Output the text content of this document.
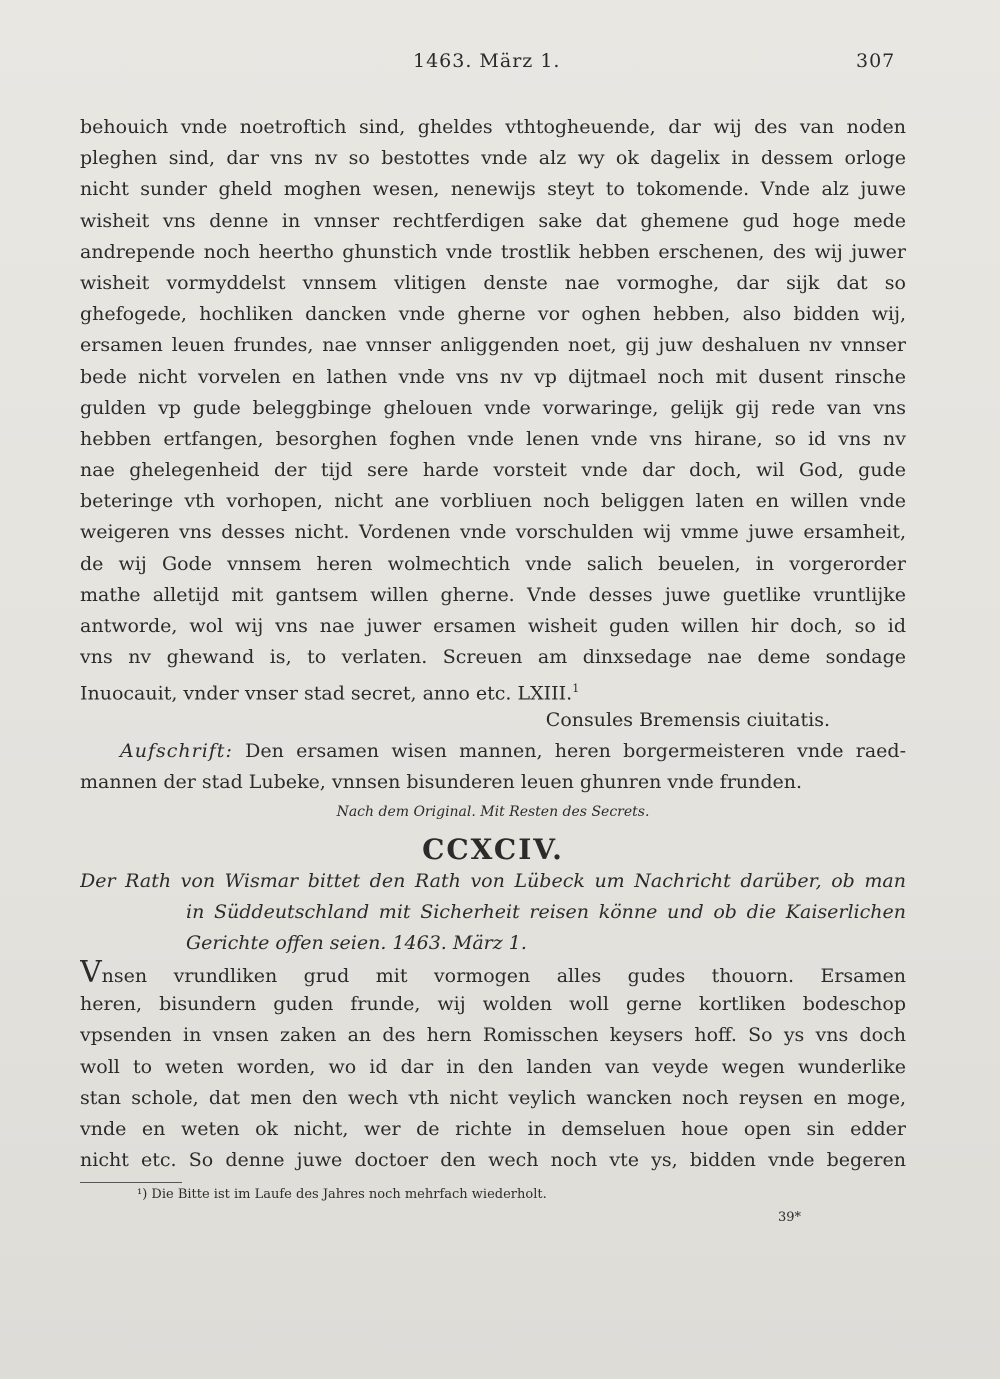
1463. März 1.	307
behouich vnde noetroftich sind, gheldes vthtogheuende, dar wij des van noden
pleghen sind, dar vns nv so bestottes vnde alz wy ok dagelix in dessem orloge
nicht sunder gheld moghen wesen, nenewijs steyt to tokomende. Vnde alz juwe
wisheit vns denne in vnnser rechtferdigen sake dat ghemene gud hoge mede
andrepende noch heertho ghunstich vnde trostlik hebben erschenen, des wij juwer
wisheit vormyddelst vnnsem vlitigen denste nae vormoghe, dar sijk dat so
ghefogede, hochliken dancken vnde gherne vor oghen hebben, also bidden wij,
ersamen leuen frundes, nae vnnser anliggenden noet, gij juw deshaluen nv vnnser
bede nicht vorvelen en lathen vnde vns nv vp dijtmael noch mit dusent rinsche
gulden vp gude beleggbinge ghelouen vnde vorwaringe, gelijk gij rede van vns
hebben ertfangen, besorghen foghen vnde lenen vnde vns hirane, so id vns nv
nae ghelegenheid der tijd sere harde vorsteit vnde dar doch, wil God, gude
beteringe vth vorhopen, nicht ane vorbliuen noch beliggen laten en willen vnde
weigeren vns desses nicht. Vordenen vnde vorschulden wij vmme juwe ersamheit,
de wij Gode vnnsem heren wolmechtich vnde salich beuelen, in vorgerorder
mathe alletijd mit gantsem willen gherne. Vnde desses juwe guetlike vruntlijke
antworde, wol wij vns nae juwer ersamen wisheit guden willen hir doch, so id
vns nv ghewand is, to verlaten. Screuen am dinxsedage nae deme sondage
Inuocauit, vnder vnser stad secret, anno etc. LXIII.$^1$
Consules Bremensis ciuitatis.
Aufschrift: Den ersamen wisen mannen, heren borgermeisteren vnde raed-
mannen der stad Lubeke, vnnsen bisunderen leuen ghunren vnde frunden.
Nach dem Original. Mit Resten des Secrets.
CCXCIV.
Der Rath von Wismar bittet den Rath von Lübeck um Nachricht darüber, ob man
in Süddeutschland mit Sicherheit reisen könne und ob die Kaiserlichen
Gerichte offen seien. 1463. März 1.
Vnsen vrundliken grud mit vormogen alles gudes thouorn. Ersamen
heren, bisundern guden frunde, wij wolden woll gerne kortliken bodeschop
vpsenden in vnsen zaken an des hern Romisschen keysers hoff. So ys vns doch
woll to weten worden, wo id dar in den landen van veyde wegen wunderlike
stan schole, dat men den wech vth nicht veylich wancken noch reysen en moge,
vnde en weten ok nicht, wer de richte in demseluen houe open sin edder
nicht etc. So denne juwe doctoer den wech noch vte ys, bidden vnde begeren
¹) Die Bitte ist im Laufe des Jahres noch mehrfach wiederholt.
39*
